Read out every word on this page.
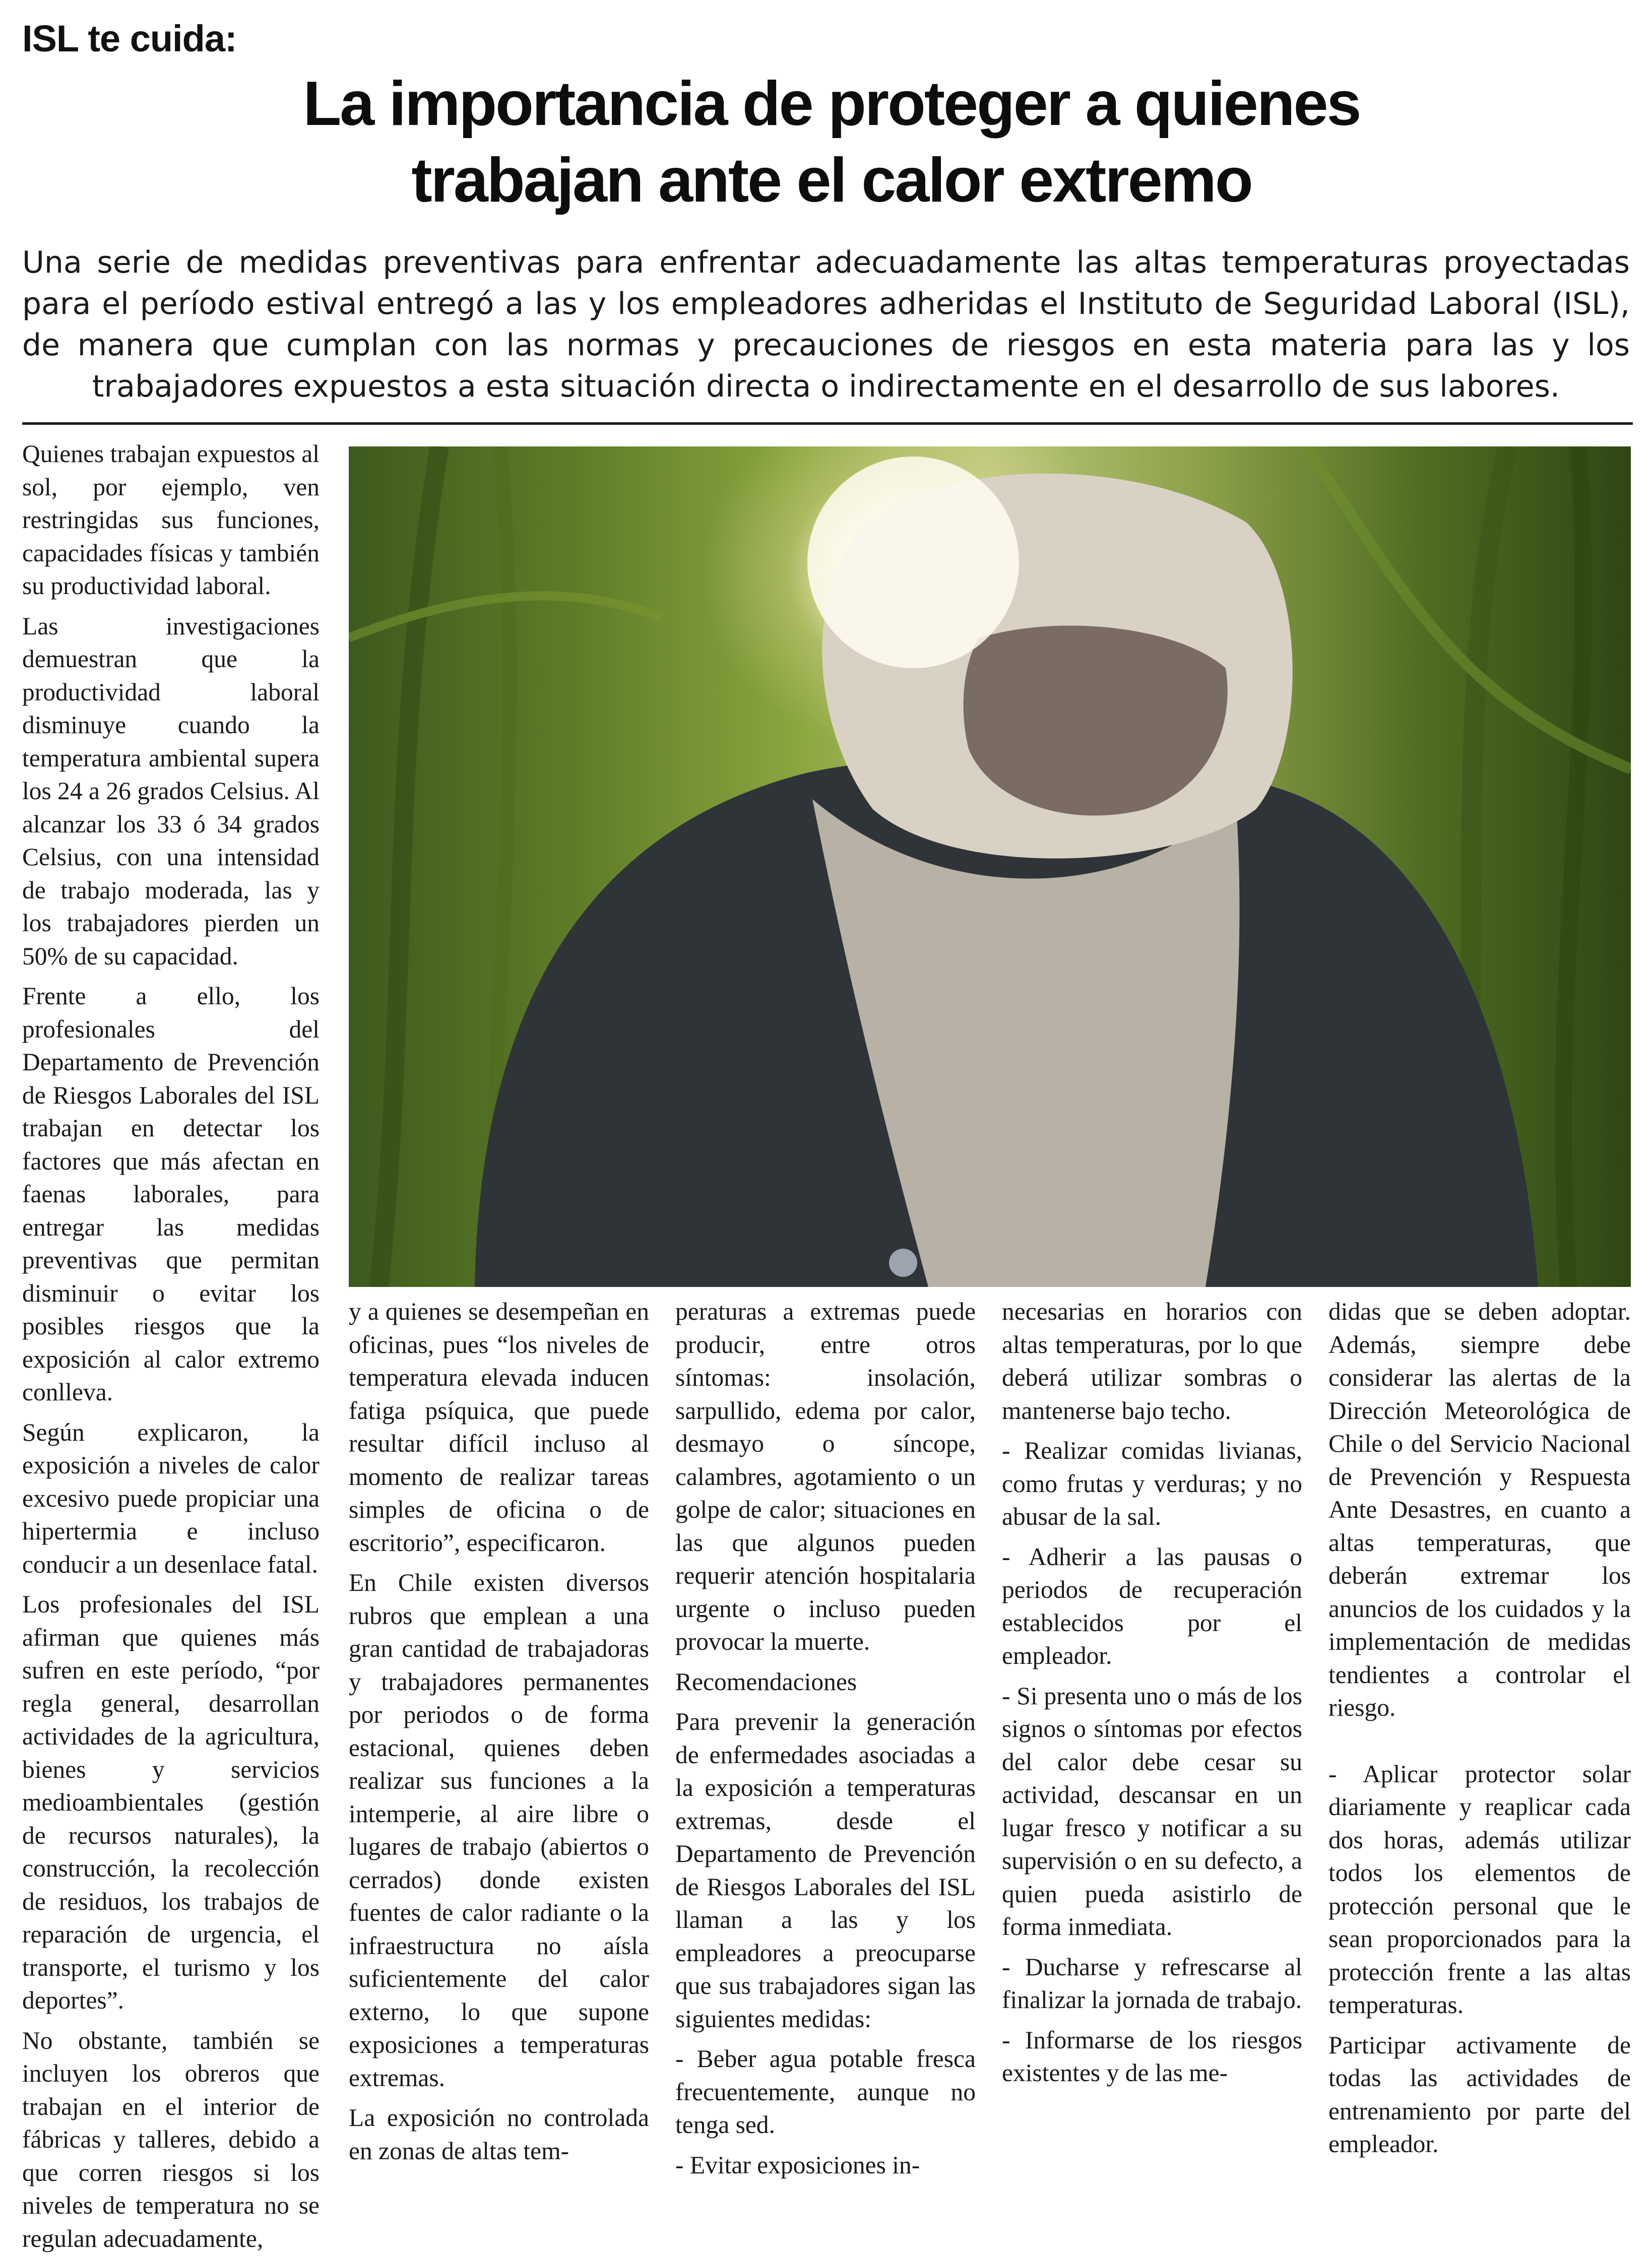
ISL te cuida:
La importancia de proteger a quienes
trabajan ante el calor extremo

Una serie de medidas preventivas para enfrentar adecuadamente las altas temperaturas proyectadas para el período estival entregó a las y los empleadores adheridas el Instituto de Seguridad Laboral (ISL), de manera que cumplan con las normas y precauciones de riesgos en esta materia para las y los trabajadores expuestos a esta situación directa o indirectamente en el desarrollo de sus labores.

Quienes trabajan expuestos al sol, por ejemplo, ven restringidas sus funciones, capacidades físicas y también su productividad laboral.

Las investigaciones demuestran que la productividad laboral disminuye cuando la temperatura ambiental supera los 24 a 26 grados Celsius. Al alcanzar los 33 ó 34 grados Celsius, con una intensidad de trabajo moderada, las y los trabajadores pierden un 50% de su capacidad.

Frente a ello, los profesionales del Departamento de Prevención de Riesgos Laborales del ISL trabajan en detectar los factores que más afectan en faenas laborales, para entregar las medidas preventivas que permitan disminuir o evitar los posibles riesgos que la exposición al calor extremo conlleva.

Según explicaron, la exposición a niveles de calor excesivo puede propiciar una hipertermia e incluso conducir a un desenlace fatal.

Los profesionales del ISL afirman que quienes más sufren en este período, “por regla general, desarrollan actividades de la agricultura, bienes y servicios medioambientales (gestión de recursos naturales), la construcción, la recolección de residuos, los trabajos de reparación de urgencia, el transporte, el turismo y los deportes”.

No obstante, también se incluyen los obreros que trabajan en el interior de fábricas y talleres, debido a que corren riesgos si los niveles de temperatura no se regulan adecuadamente,

y a quienes se desempeñan en oficinas, pues “los niveles de temperatura elevada inducen fatiga psíquica, que puede resultar difícil incluso al momento de realizar tareas simples de oficina o de escritorio”, especificaron.

En Chile existen diversos rubros que emplean a una gran cantidad de trabajadoras y trabajadores permanentes por periodos o de forma estacional, quienes deben realizar sus funciones a la intemperie, al aire libre o lugares de trabajo (abiertos o cerrados) donde existen fuentes de calor radiante o la infraestructura no aísla suficientemente del calor externo, lo que supone exposiciones a temperaturas extremas.

La exposición no controlada en zonas de altas tem-

peraturas a extremas puede producir, entre otros síntomas: insolación, sarpullido, edema por calor, desmayo o síncope, calambres, agotamiento o un golpe de calor; situaciones en las que algunos pueden requerir atención hospitalaria urgente o incluso pueden provocar la muerte.

Recomendaciones

Para prevenir la generación de enfermedades asociadas a la exposición a temperaturas extremas, desde el Departamento de Prevención de Riesgos Laborales del ISL llaman a las y los empleadores a preocuparse que sus trabajadores sigan las siguientes medidas:

- Beber agua potable fresca frecuentemente, aunque no tenga sed.

- Evitar exposiciones in-

necesarias en horarios con altas temperaturas, por lo que deberá utilizar sombras o mantenerse bajo techo.

- Realizar comidas livianas, como frutas y verduras; y no abusar de la sal.

- Adherir a las pausas o periodos de recuperación establecidos por el empleador.

- Si presenta uno o más de los signos o síntomas por efectos del calor debe cesar su actividad, descansar en un lugar fresco y notificar a su supervisión o en su defecto, a quien pueda asistirlo de forma inmediata.

- Ducharse y refrescarse al finalizar la jornada de trabajo.

- Informarse de los riesgos existentes y de las me-

didas que se deben adoptar. Además, siempre debe considerar las alertas de la Dirección Meteorológica de Chile o del Servicio Nacional de Prevención y Respuesta Ante Desastres, en cuanto a altas temperaturas, que deberán extremar los anuncios de los cuidados y la implementación de medidas tendientes a controlar el riesgo.

- Aplicar protector solar diariamente y reaplicar cada dos horas, además utilizar todos los elementos de protección personal que le sean proporcionados para la protección frente a las altas temperaturas.

Participar activamente de todas las actividades de entrenamiento por parte del empleador.
